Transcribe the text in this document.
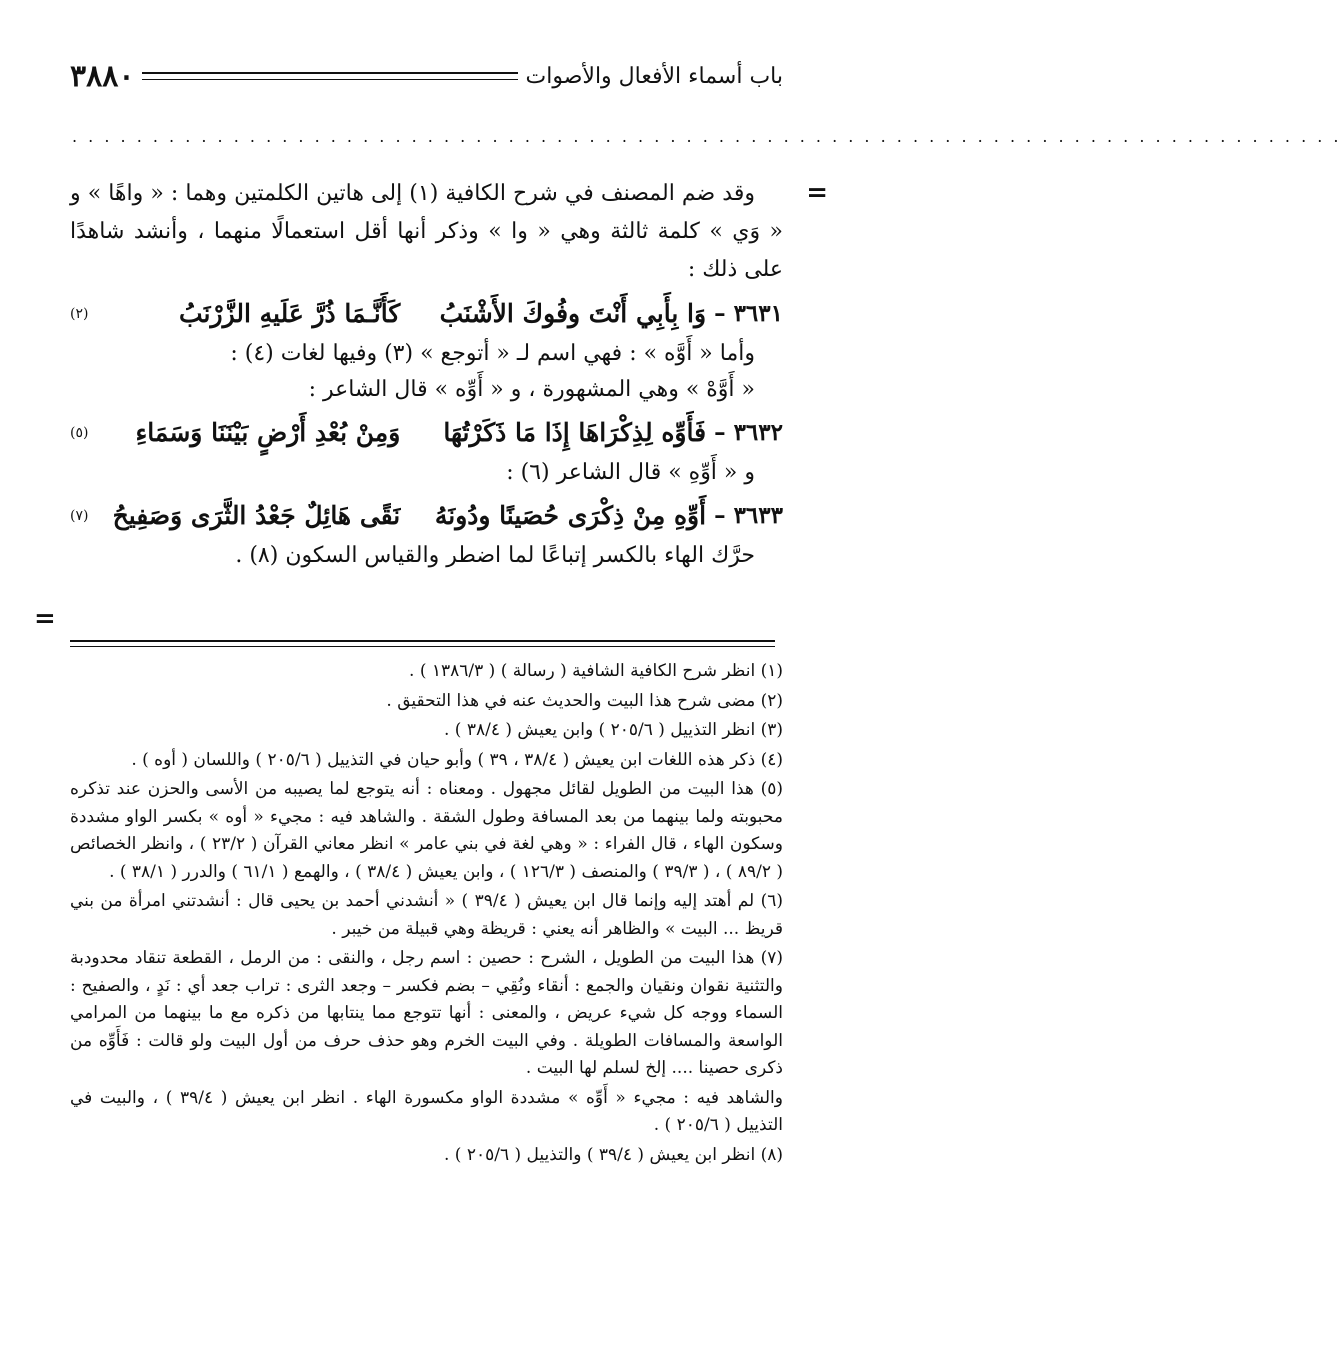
باب أسماء الأفعال والأصوات
٣٨٨٠
. . . . . . . . . . . . . . . . . . . . . . . . . . . . . . . . . . . . . . . . . . . . . . . . . . . . . . . . . . . . . . . . . . . . . . . . . . . . . . .
=
=

وقد ضم المصنف في شرح الكافية (١) إلى هاتين الكلمتين وهما : « واهًا » و « وَي » كلمة ثالثة وهي « وا » وذكر أنها أقل استعمالًا منهما ، وأنشد شاهدًا على ذلك :

٣٦٣١ –
وَا بِأَبِي أَنْتَ وفُوكَ الأَشْنَبُ
كَأَنَّـمَا ذُرَّ عَلَيهِ الزَّرْنَبُ
(٢)

وأما « أَوَّه » : فهي اسم لـ « أتوجع » (٣) وفيها لغات (٤) :

« أَوَّهْ » وهي المشهورة ، و « أَوِّه » قال الشاعر :

٣٦٣٢ –
فَأَوِّه لِذِكْرَاهَا إِذَا مَا ذَكَرْتُهَا
وَمِنْ بُعْدِ أَرْضٍ بَيْنَنَا وَسَمَاءِ
(٥)

و « أَوِّهِ » قال الشاعر (٦) :

٣٦٣٣ –
أَوِّهِ مِنْ ذِكْرَى حُصَينًا ودُونَهُ
نَقًى هَائِلٌ جَعْدُ الثَّرَى وَصَفِيحُ
(٧)

حرَّك الهاء بالكسر إتباعًا لما اضطر والقياس السكون (٨) .

(١) انظر شرح الكافية الشافية ( رسالة ) ( ١٣٨٦/٣ ) .

(٢) مضى شرح هذا البيت والحديث عنه في هذا التحقيق .

(٣) انظر التذييل ( ٢٠٥/٦ ) وابن يعيش ( ٣٨/٤ ) .

(٤) ذكر هذه اللغات ابن يعيش ( ٣٨/٤ ، ٣٩ ) وأبو حيان في التذييل ( ٢٠٥/٦ ) واللسان ( أوه ) .

(٥) هذا البيت من الطويل لقائل مجهول . ومعناه : أنه يتوجع لما يصيبه من الأسى والحزن عند تذكره محبوبته ولما بينهما من بعد المسافة وطول الشقة . والشاهد فيه : مجيء « أوه » بكسر الواو مشددة وسكون الهاء ، قال الفراء : « وهي لغة في بني عامر » انظر معاني القرآن ( ٢٣/٢ ) ، وانظر الخصائص ( ٨٩/٢ ) ، ( ٣٩/٣ ) والمنصف ( ١٢٦/٣ ) ، وابن يعيش ( ٣٨/٤ ) ، والهمع ( ٦١/١ ) والدرر ( ٣٨/١ ) .

(٦) لم أهتد إليه وإنما قال ابن يعيش ( ٣٩/٤ ) « أنشدني أحمد بن يحيى قال : أنشدتني امرأة من بني قريظ ... البيت » والظاهر أنه يعني : قريظة وهي قبيلة من خيبر .

(٧) هذا البيت من الطويل ، الشرح : حصين : اسم رجل ، والنقى : من الرمل ، القطعة تنقاد محدودبة والتثنية نقوان ونقيان والجمع : أنقاء ونُقِي – بضم فكسر – وجعد الثرى : تراب جعد أي : نَدٍ ، والصفيح : السماء ووجه كل شيء عريض ، والمعنى : أنها تتوجع مما ينتابها من ذكره مع ما بينهما من المرامي الواسعة والمسافات الطويلة . وفي البيت الخرم وهو حذف حرف من أول البيت ولو قالت : فَأَوِّه من ذكرى حصينا .... إلخ لسلم لها البيت .

والشاهد فيه : مجيء « أَوِّه » مشددة الواو مكسورة الهاء . انظر ابن يعيش ( ٣٩/٤ ) ، والبيت في التذييل ( ٢٠٥/٦ ) .

(٨) انظر ابن يعيش ( ٣٩/٤ ) والتذييل ( ٢٠٥/٦ ) .
